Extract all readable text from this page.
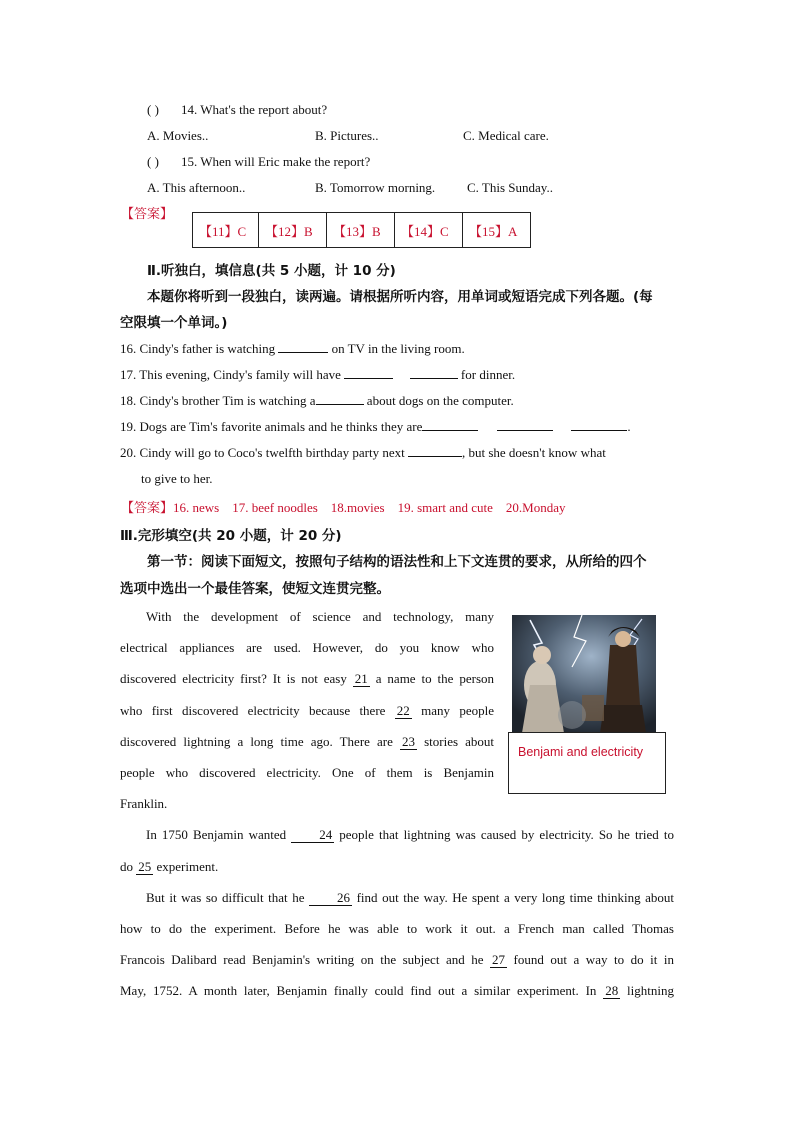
( ) 14. What's the report about?
A. Movies..	B. Pictures..	C. Medical care.
( ) 15. When will Eric make the report?
A. This afternoon..	B. Tomorrow morning. C. This Sunday..
【答案】
【11】C	【12】B	【13】B	【14】C	【15】A
Ⅱ.听独白，填信息(共 5 小题，计 10 分)
本题你将听到一段独白，读两遍。请根据所听内容，用单词或短语完成下列各题。(每
空限填一个单词。)
16. Cindy's father is watching	on TV in the living room.
17. This evening, Cindy's family will have	for dinner.
18. Cindy's brother Tim is watching a	about dogs on the computer.
19. Dogs are Tim's favorite animals and he thinks they are	.
20. Cindy will go to Coco's twelfth birthday party next	, but she doesn't know what
to give to her.
【答案】16. news    17. beef noodles    18.movies    19. smart and cute    20.Monday
Ⅲ.完形填空(共 20 小题，计 20 分)
第一节：阅读下面短文，按照句子结构的语法性和上下文连贯的要求，从所给的四个
选项中选出一个最佳答案，使短文连贯完整。
With the development of science and technology, many
electrical appliances are used. However, do you know who
discovered electricity first? It is not easy 21 a name to the person
who first discovered electricity because there 22 many people
discovered lightning a long time ago. There are 23 stories about
people who discovered electricity. One of them is Benjamin
Franklin.
Benjami and electricity
In 1750 Benjamin wanted 24 people that lightning was caused by electricity. So he tried to
do 25 experiment.
But it was so difficult that he 26 find out the way. He spent a very long time thinking about
how to do the experiment. Before he was able to work it out. a French man called Thomas
Francois Dalibard read Benjamin's writing on the subject and he 27 found out a way to do it in
May, 1752. A month later, Benjamin finally could find out a similar experiment. In 28 lightning
